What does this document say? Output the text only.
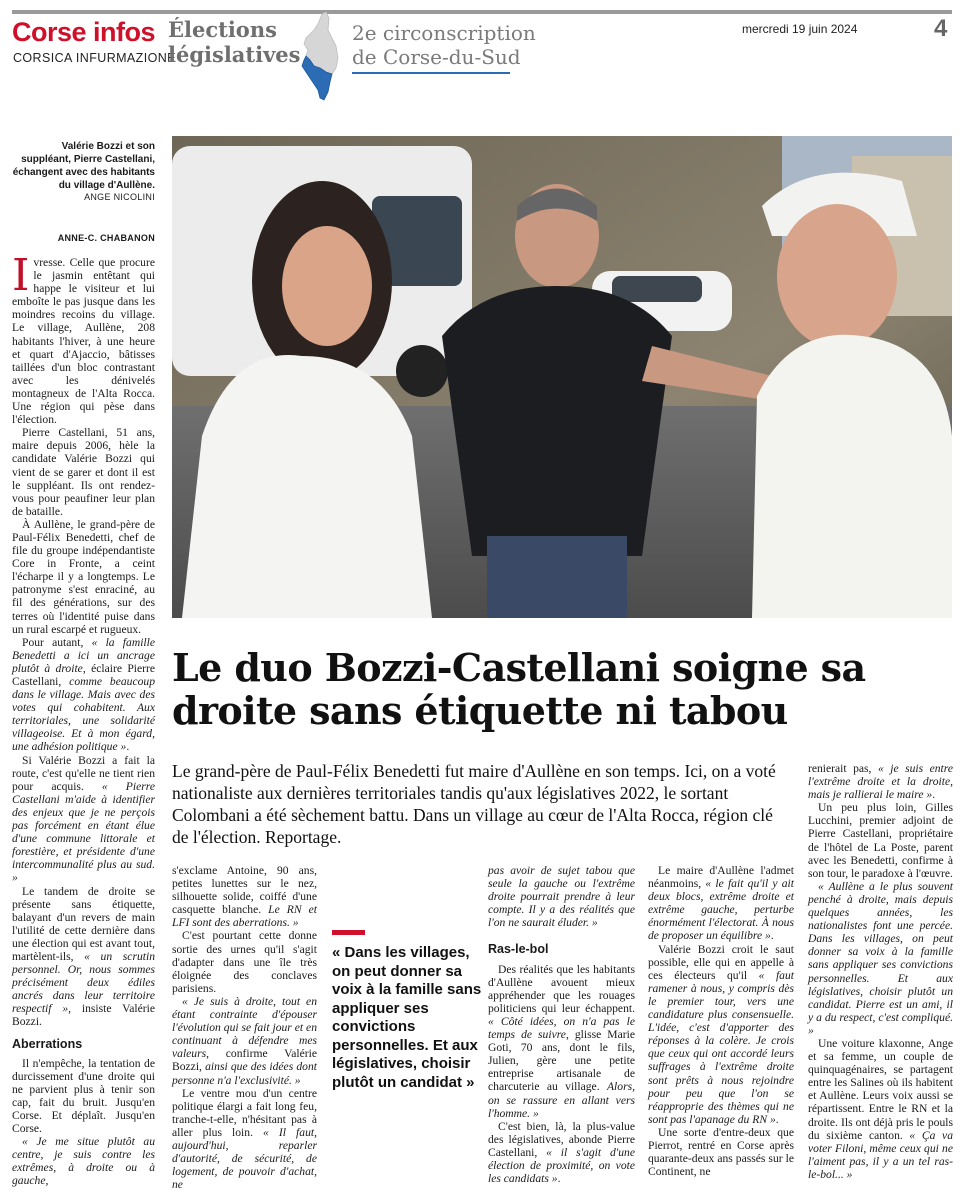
Corse infos
CORSICA INFURMAZIONE
Élections
législatives
2e circonscription
de Corse-du-Sud
mercredi 19 juin 2024	4
Valérie Bozzi et son suppléant, Pierre Castellani, échangent avec des habitants du village d'Aullène.
ANGE NICOLINI
ANNE-C. CHABANON

Ivresse. Celle que procure le jasmin entêtant qui happe le visiteur et lui emboîte le pas jusque dans les moindres recoins du village. Le village, Aullène, 208 habitants l'hiver, à une heure et quart d'Ajaccio, bâtisses taillées d'un bloc contrastant avec les dénivelés montagneux de l'Alta Rocca. Une région qui pèse dans l'élection.

Pierre Castellani, 51 ans, maire depuis 2006, hèle la candidate Valérie Bozzi qui vient de se garer et dont il est le suppléant. Ils ont rendez-vous pour peaufiner leur plan de bataille.

À Aullène, le grand-père de Paul-Félix Benedetti, chef de file du groupe indépendantiste Core in Fronte, a ceint l'écharpe il y a longtemps. Le patronyme s'est enraciné, au fil des générations, sur des terres où l'identité puise dans un rural escarpé et rugueux.

Pour autant, « la famille Benedetti a ici un ancrage plutôt à droite, éclaire Pierre Castellani, comme beaucoup dans le village. Mais avec des votes qui cohabitent. Aux territoriales, une solidarité villageoise. Et à mon égard, une adhésion politique ».

Si Valérie Bozzi a fait la route, c'est qu'elle ne tient rien pour acquis. « Pierre Castellani m'aide à identifier des enjeux que je ne perçois pas forcément en étant élue d'une commune littorale et forestière, et présidente d'une intercommunalité plus au sud. »

Le tandem de droite se présente sans étiquette, balayant d'un revers de main l'utilité de cette dernière dans une élection qui est avant tout, martèlent-ils, « un scrutin personnel. Or, nous sommes précisément deux édiles ancrés dans leur territoire respectif », insiste Valérie Bozzi.

Aberrations

Il n'empêche, la tentation de durcissement d'une droite qui ne parvient plus à tenir son cap, fait du bruit. Jusqu'en Corse. Et déplaît. Jusqu'en Corse.

« Je me situe plutôt au centre, je suis contre les extrêmes, à droite ou à gauche,

Le duo Bozzi-Castellani soigne sa droite sans étiquette ni tabou
Le grand-père de Paul-Félix Benedetti fut maire d'Aullène en son temps. Ici, on a voté nationaliste aux dernières territoriales tandis qu'aux législatives 2022, le sortant Colombani a été sèchement battu. Dans un village au cœur de l'Alta Rocca, région clé de l'élection. Reportage.

s'exclame Antoine, 90 ans, petites lunettes sur le nez, silhouette solide, coiffé d'une casquette blanche. Le RN et LFI sont des aberrations. »

C'est pourtant cette donne sortie des urnes qu'il s'agit d'adapter dans une île très éloignée des conclaves parisiens.

« Je suis à droite, tout en étant contrainte d'épouser l'évolution qui se fait jour et en continuant à défendre mes valeurs, confirme Valérie Bozzi, ainsi que des idées dont personne n'a l'exclusivité. »

Le ventre mou d'un centre politique élargi a fait long feu, tranche-t-elle, n'hésitant pas à aller plus loin. « Il faut, aujourd'hui, reparler d'autorité, de sécurité, de logement, de pouvoir d'achat, ne

« Dans les villages, on peut donner sa voix à la famille sans appliquer ses convictions personnelles. Et aux législatives, choisir plutôt un candidat »

pas avoir de sujet tabou que seule la gauche ou l'extrême droite pourrait prendre à leur compte. Il y a des réalités que l'on ne saurait éluder. »

Ras-le-bol

Des réalités que les habitants d'Aullène avouent mieux appréhender que les rouages politiciens qui leur échappent. « Côté idées, on n'a pas le temps de suivre, glisse Marie Goti, 70 ans, dont le fils, Julien, gère une petite entreprise artisanale de charcuterie au village. Alors, on se rassure en allant vers l'homme. »

C'est bien, là, la plus-value des législatives, abonde Pierre Castellani, « il s'agit d'une élection de proximité, on vote les candidats ».

Le maire d'Aullène l'admet néanmoins, « le fait qu'il y ait deux blocs, extrême droite et extrême gauche, perturbe énormément l'électorat. À nous de proposer un équilibre ».

Valérie Bozzi croit le saut possible, elle qui en appelle à ces électeurs qu'il « faut ramener à nous, y compris dès le premier tour, vers une candidature plus consensuelle. L'idée, c'est d'apporter des réponses à la colère. Je crois que ceux qui ont accordé leurs suffrages à l'extrême droite sont prêts à nous rejoindre pour peu que l'on se réapproprie des thèmes qui ne sont pas l'apanage du RN ».

Une sorte d'entre-deux que Pierrot, rentré en Corse après quarante-deux ans passés sur le Continent, ne

renierait pas, « je suis entre l'extrême droite et la droite, mais je rallierai le maire ».

Un peu plus loin, Gilles Lucchini, premier adjoint de Pierre Castellani, propriétaire de l'hôtel de La Poste, parent avec les Benedetti, confirme à son tour, le paradoxe à l'œuvre.

« Aullène a le plus souvent penché à droite, mais depuis quelques années, les nationalistes font une percée. Dans les villages, on peut donner sa voix à la famille sans appliquer ses convictions personnelles. Et aux législatives, choisir plutôt un candidat. Pierre est un ami, il y a du respect, c'est compliqué. »

Une voiture klaxonne, Ange et sa femme, un couple de quinquagénaires, se partagent entre les Salines où ils habitent et Aullène. Leurs voix aussi se répartissent. Entre le RN et la droite. Ils ont déjà pris le pouls du sixième canton. « Ça va voter Filoni, même ceux qui ne l'aiment pas, il y a un tel ras-le-bol... »
